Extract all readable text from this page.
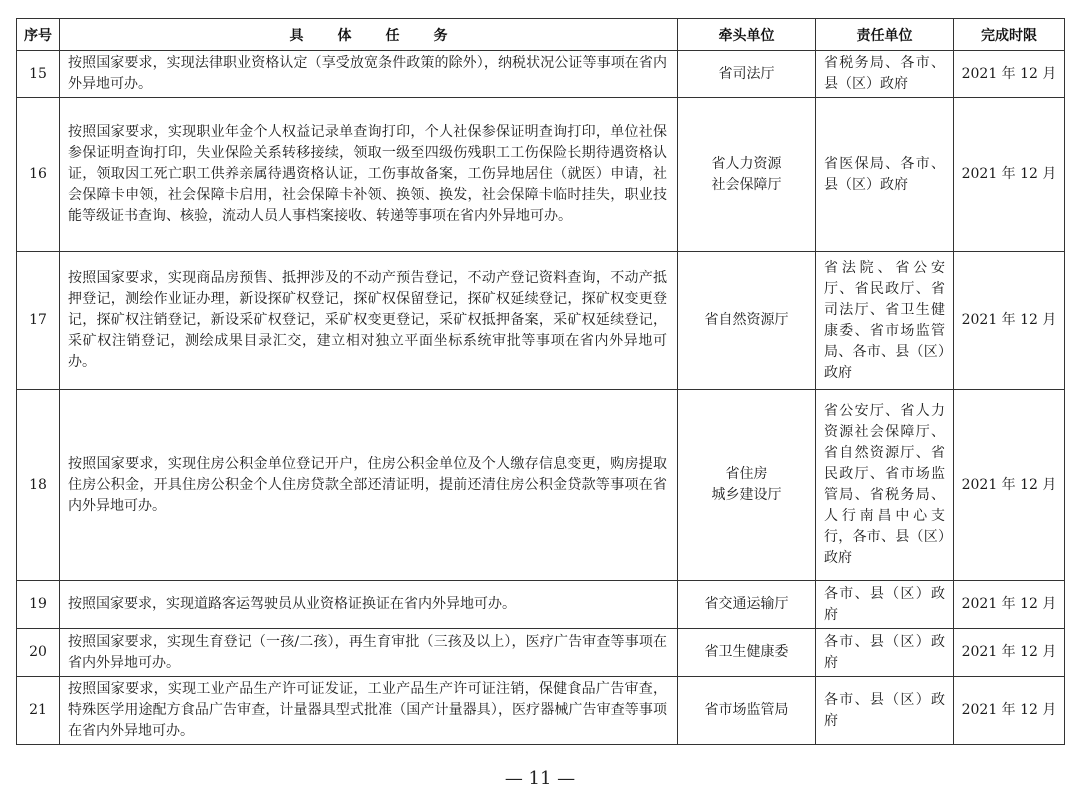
序号	具体任务	牵头单位	责任单位	完成时限
15	按照国家要求，实现法律职业资格认定（享受放宽条件政策的除外），纳税状况公证等事项在省内外异地可办。	省司法厅	省税务局、各市、县（区）政府	2021 年 12 月
16	按照国家要求，实现职业年金个人权益记录单查询打印，个人社保参保证明查询打印，单位社保参保证明查询打印，失业保险关系转移接续，领取一级至四级伤残职工工伤保险长期待遇资格认证，领取因工死亡职工供养亲属待遇资格认证，工伤事故备案，工伤异地居住（就医）申请，社会保障卡申领，社会保障卡启用，社会保障卡补领、换领、换发，社会保障卡临时挂失，职业技能等级证书查询、核验，流动人员人事档案接收、转递等事项在省内外异地可办。	省人力资源
社会保障厅	省医保局、各市、县（区）政府	2021 年 12 月
17	按照国家要求，实现商品房预售、抵押涉及的不动产预告登记，不动产登记资料查询，不动产抵押登记，测绘作业证办理，新设探矿权登记，探矿权保留登记，探矿权延续登记，探矿权变更登记，探矿权注销登记，新设采矿权登记，采矿权变更登记，采矿权抵押备案，采矿权延续登记，采矿权注销登记，测绘成果目录汇交，建立相对独立平面坐标系统审批等事项在省内外异地可办。	省自然资源厅	省法院、省公安厅、省民政厅、省司法厅、省卫生健康委、省市场监管局、各市、县（区）政府	2021 年 12 月
18	按照国家要求，实现住房公积金单位登记开户，住房公积金单位及个人缴存信息变更，购房提取住房公积金，开具住房公积金个人住房贷款全部还清证明，提前还清住房公积金贷款等事项在省内外异地可办。	省住房
城乡建设厅	省公安厅、省人力资源社会保障厅、省自然资源厅、省民政厅、省市场监管局、省税务局、人行南昌中心支行，各市、县（区）政府	2021 年 12 月
19	按照国家要求，实现道路客运驾驶员从业资格证换证在省内外异地可办。	省交通运输厅	各市、县（区）政府	2021 年 12 月
20	按照国家要求，实现生育登记（一孩/二孩），再生育审批（三孩及以上），医疗广告审查等事项在省内外异地可办。	省卫生健康委	各市、县（区）政府	2021 年 12 月
21	按照国家要求，实现工业产品生产许可证发证，工业产品生产许可证注销，保健食品广告审查，特殊医学用途配方食品广告审查，计量器具型式批准（国产计量器具），医疗器械广告审查等事项在省内外异地可办。	省市场监管局	各市、县（区）政府	2021 年 12 月
— 11 —
